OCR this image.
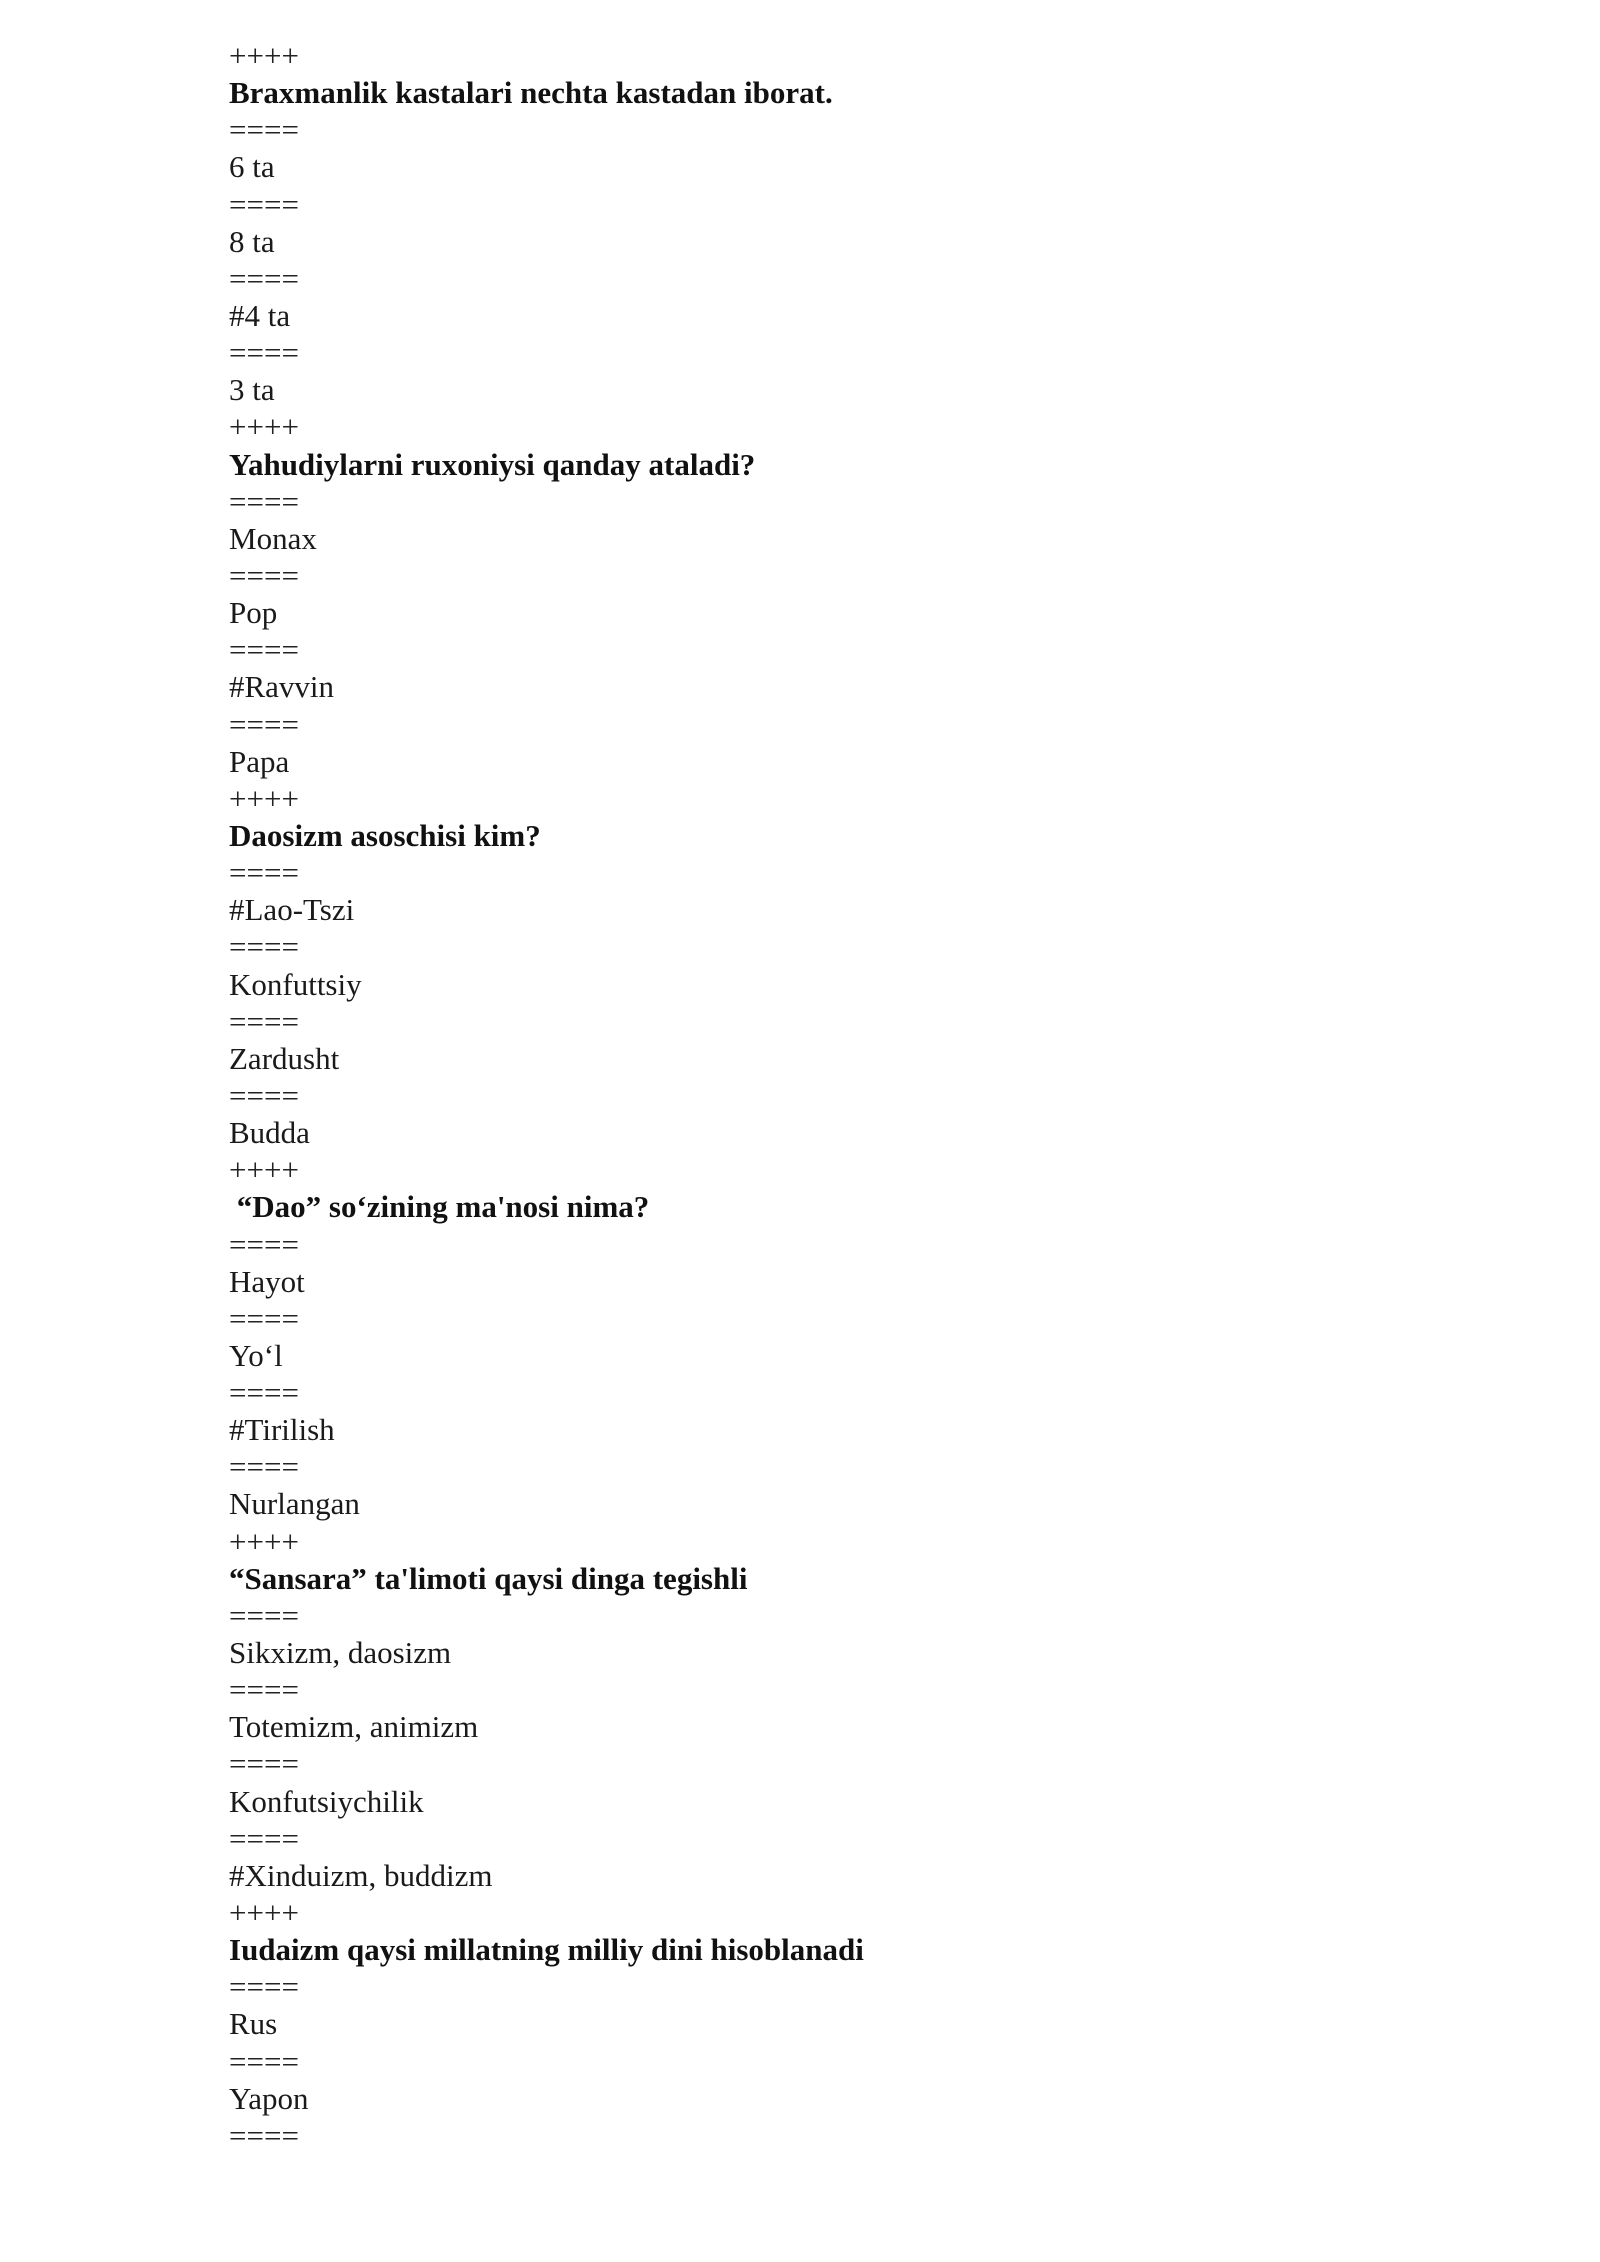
++++
Braxmanlik kastalari nechta kastadan iborat.
====
6 ta
====
8 ta
====
#4 ta
====
3 ta
++++
Yahudiylarni ruxoniysi qanday ataladi?
====
Monax
====
Pop
====
#Ravvin
====
Papa
++++
Daosizm asoschisi kim?
====
#Lao-Tszi
====
Konfuttsiy
====
Zardusht
====
Budda
++++
“Dao” so‘zining ma'nosi nima?
====
Hayot
====
Yo‘l
====
#Tirilish
====
Nurlangan
++++
“Sansara” ta'limoti qaysi dinga tegishli
====
Sikxizm, daosizm
====
Totemizm, animizm
====
Konfutsiychilik
====
#Xinduizm, buddizm
++++
Iudaizm qaysi millatning milliy dini hisoblanadi
====
Rus
====
Yapon
====
